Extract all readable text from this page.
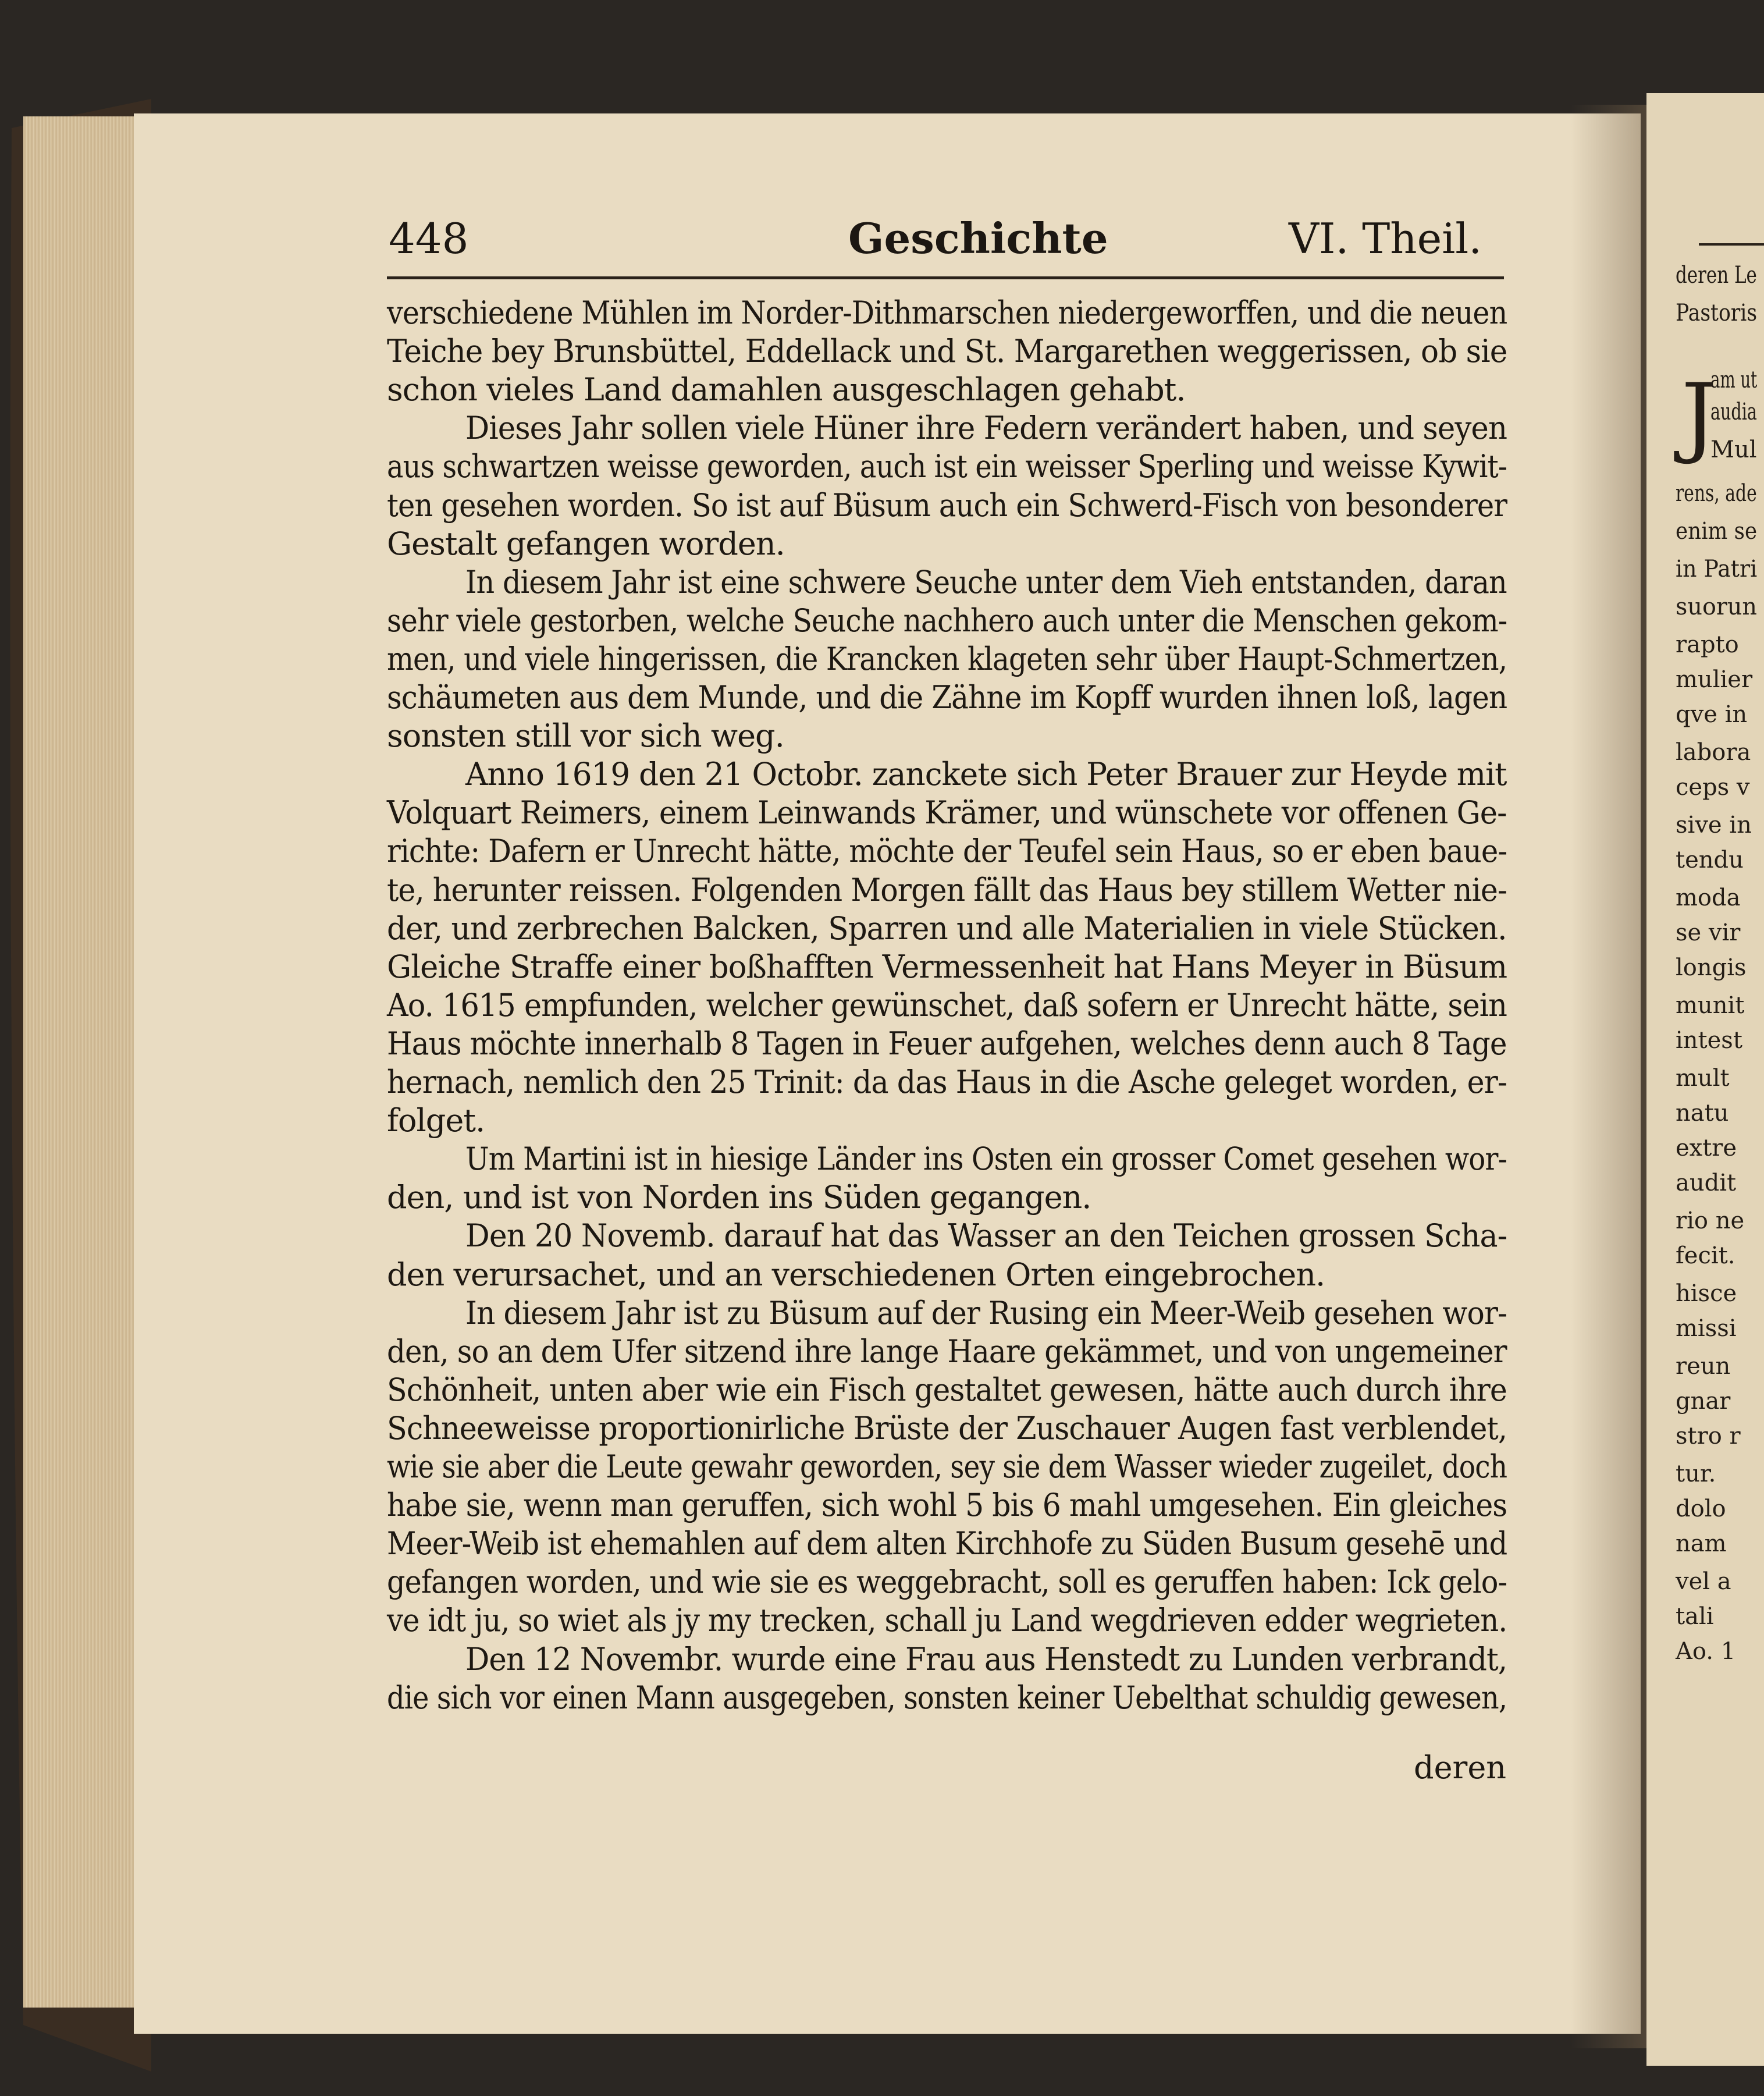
448	Geschichte	VI. Theil.
verschiedene Mühlen im Norder-Dithmarschen niedergeworffen, und die neuen
Teiche bey Brunsbüttel, Eddellack und St. Margarethen weggerissen, ob sie
schon vieles Land damahlen ausgeschlagen gehabt.
Dieses Jahr sollen viele Hüner ihre Federn verändert haben, und seyen
aus schwartzen weisse geworden, auch ist ein weisser Sperling und weisse Kywit-
ten gesehen worden. So ist auf Büsum auch ein Schwerd-Fisch von besonderer
Gestalt gefangen worden.
In diesem Jahr ist eine schwere Seuche unter dem Vieh entstanden, daran
sehr viele gestorben, welche Seuche nachhero auch unter die Menschen gekom-
men, und viele hingerissen, die Krancken klageten sehr über Haupt-Schmertzen,
schäumeten aus dem Munde, und die Zähne im Kopff wurden ihnen loß, lagen
sonsten still vor sich weg.
Anno 1619 den 21 Octobr. zanckete sich Peter Brauer zur Heyde mit
Volquart Reimers, einem Leinwands Krämer, und wünschete vor offenen Ge-
richte: Dafern er Unrecht hätte, möchte der Teufel sein Haus, so er eben baue-
te, herunter reissen. Folgenden Morgen fällt das Haus bey stillem Wetter nie-
der, und zerbrechen Balcken, Sparren und alle Materialien in viele Stücken.
Gleiche Straffe einer boßhafften Vermessenheit hat Hans Meyer in Büsum
Ao. 1615 empfunden, welcher gewünschet, daß sofern er Unrecht hätte, sein
Haus möchte innerhalb 8 Tagen in Feuer aufgehen, welches denn auch 8 Tage
hernach, nemlich den 25 Trinit: da das Haus in die Asche geleget worden, er-
folget.
Um Martini ist in hiesige Länder ins Osten ein grosser Comet gesehen wor-
den, und ist von Norden ins Süden gegangen.
Den 20 Novemb. darauf hat das Wasser an den Teichen grossen Scha-
den verursachet, und an verschiedenen Orten eingebrochen.
In diesem Jahr ist zu Büsum auf der Rusing ein Meer-Weib gesehen wor-
den, so an dem Ufer sitzend ihre lange Haare gekämmet, und von ungemeiner
Schönheit, unten aber wie ein Fisch gestaltet gewesen, hätte auch durch ihre
Schneeweisse proportionirliche Brüste der Zuschauer Augen fast verblendet,
wie sie aber die Leute gewahr geworden, sey sie dem Wasser wieder zugeilet, doch
habe sie, wenn man geruffen, sich wohl 5 bis 6 mahl umgesehen. Ein gleiches
Meer-Weib ist ehemahlen auf dem alten Kirchhofe zu Süden Busum gesehē und
gefangen worden, und wie sie es weggebracht, soll es geruffen haben: Ick gelo-
ve idt ju, so wiet als jy my trecken, schall ju Land wegdrieven edder wegrieten.
Den 12 Novembr. wurde eine Frau aus Henstedt zu Lunden verbrandt,
die sich vor einen Mann ausgegeben, sonsten keiner Uebelthat schuldig gewesen,
deren
J
deren Le
Pastoris
am ut
audia
Mul
rens, ade
enim se
in Patri
suorun
rapto
mulier
qve in
labora
ceps v
sive in
tendu
moda
se vir
longis
munit
intest
mult
natu
extre
audit
rio ne
fecit.
hisce
missi
reun
gnar
stro r
tur.
dolo
nam
vel a
tali
Ao. 1
